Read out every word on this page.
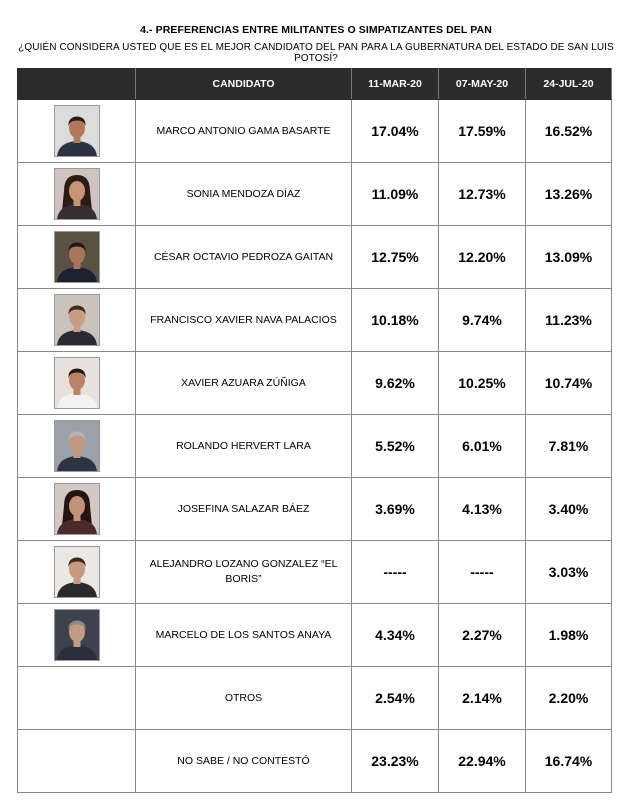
4.- PREFERENCIAS ENTRE MILITANTES O SIMPATIZANTES DEL PAN
¿QUIÉN CONSIDERA USTED QUE ES EL MEJOR CANDIDATO DEL PAN PARA LA GUBERNATURA DEL ESTADO DE SAN LUIS POTOSÍ?
	CANDIDATO	11-MAR-20	07-MAY-20	24-JUL-20

	MARCO ANTONIO GAMA BASARTE	17.04%	17.59%	16.52%

	SONIA MENDOZA DÍAZ	11.09%	12.73%	13.26%

	CÉSAR OCTAVIO PEDROZA GAITAN	12.75%	12.20%	13.09%

	FRANCISCO XAVIER NAVA PALACIOS	10.18%	9.74%	11.23%

	XAVIER AZUARA ZÚÑIGA	9.62%	10.25%	10.74%

	ROLANDO HERVERT LARA	5.52%	6.01%	7.81%

	JOSEFINA SALAZAR BÁEZ	3.69%	4.13%	3.40%

	ALEJANDRO LOZANO GONZALEZ “EL BORIS”	-----	-----	3.03%

	MARCELO DE LOS SANTOS ANAYA	4.34%	2.27%	1.98%
	OTROS	2.54%	2.14%	2.20%
	NO SABE / NO CONTESTÓ	23.23%	22.94%	16.74%
